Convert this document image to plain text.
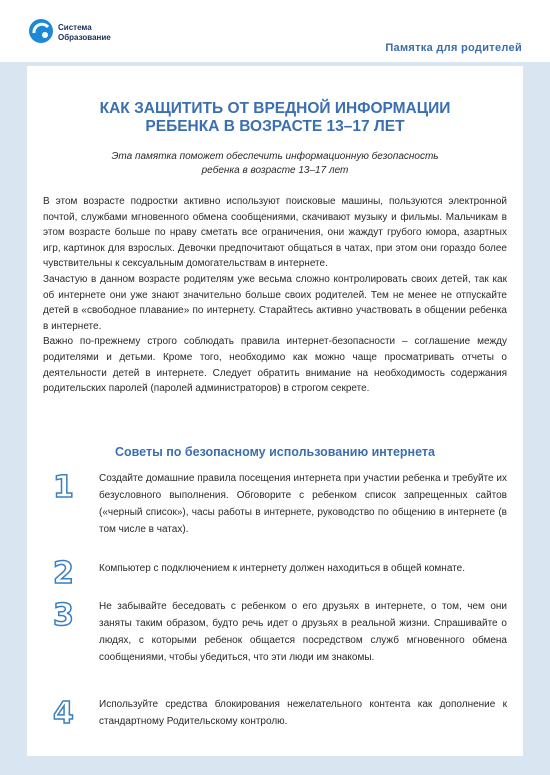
Система
Образование
Памятка для родителей
КАК ЗАЩИТИТЬ ОТ ВРЕДНОЙ ИНФОРМАЦИИ
РЕБЕНКА В ВОЗРАСТЕ 13–17 ЛЕТ
Эта памятка поможет обеспечить информационную безопасность
ребенка в возрасте 13–17 лет

В этом возрасте подростки активно используют поисковые машины, пользуются электронной почтой, службами мгновенного обмена сообщениями, скачивают музыку и фильмы. Мальчикам в этом возрасте больше по нраву сметать все ограничения, они жаждут грубого юмора, азартных игр, картинок для взрослых. Девочки предпочитают общаться в чатах, при этом они гораздо более чувствительны к сексуальным домогательствам в интернете.

Зачастую в данном возрасте родителям уже весьма сложно контролировать своих детей, так как об интернете они уже знают значительно больше своих родителей. Тем не менее не отпускайте детей в «свободное плавание» по интернету. Старайтесь активно участвовать в общении ребенка в интернете.

Важно по-прежнему строго соблюдать правила интернет-безопасности – соглашение между родителями и детьми. Кроме того, необходимо как можно чаще просматривать отчеты о деятельности детей в интернете. Следует обратить внимание на необходимость содержания родительских паролей (паролей администраторов) в строгом секрете.

Советы по безопасному использованию интернета
1	Создайте домашние правила посещения интернета при участии ребенка и требуйте их безусловного выполнения. Обговорите с ребенком список запрещенных сайтов («черный список»), часы работы в интернете, руководство по общению в интернете (в том числе в чатах).
2	Компьютер с подключением к интернету должен находиться в общей комнате.
3	Не забывайте беседовать с ребенком о его друзьях в интернете, о том, чем они заняты таким образом, будто речь идет о друзьях в реальной жизни. Спрашивайте о людях, с которыми ребенок общается посредством служб мгновенного обмена сообщениями, чтобы убедиться, что эти люди им знакомы.
4	Используйте средства блокирования нежелательного контента как дополнение к стандартному Родительскому контролю.
